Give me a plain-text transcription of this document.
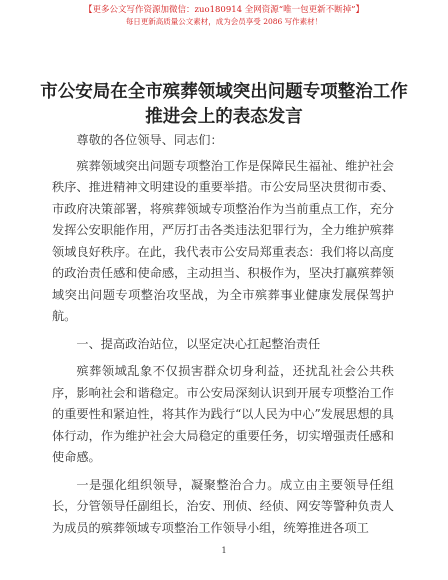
【更多公文写作资源加微信：zuo180914 全网资源“唯一包更新不断掉”】
每日更新高质量公文素材，成为会员享受 2086 写作素材！
市公安局在全市殡葬领域突出问题专项整治工作推进会上的表态发言

尊敬的各位领导、同志们：

殡葬领域突出问题专项整治工作是保障民生福祉、维护社会秩序、推进精神文明建设的重要举措。市公安局坚决贯彻市委、市政府决策部署，将殡葬领域专项整治作为当前重点工作，充分发挥公安职能作用，严厉打击各类违法犯罪行为，全力维护殡葬领域良好秩序。在此，我代表市公安局郑重表态：我们将以高度的政治责任感和使命感，主动担当、积极作为，坚决打赢殡葬领域突出问题专项整治攻坚战，为全市殡葬事业健康发展保驾护航。

一、提高政治站位，以坚定决心扛起整治责任

殡葬领域乱象不仅损害群众切身利益，还扰乱社会公共秩序，影响社会和谐稳定。市公安局深刻认识到开展专项整治工作的重要性和紧迫性，将其作为践行“以人民为中心”发展思想的具体行动，作为维护社会大局稳定的重要任务，切实增强责任感和使命感。

一是强化组织领导，凝聚整治合力。成立由主要领导任组长，分管领导任副组长，治安、刑侦、经侦、网安等警种负责人为成员的殡葬领域专项整治工作领导小组，统筹推进各项工

1
